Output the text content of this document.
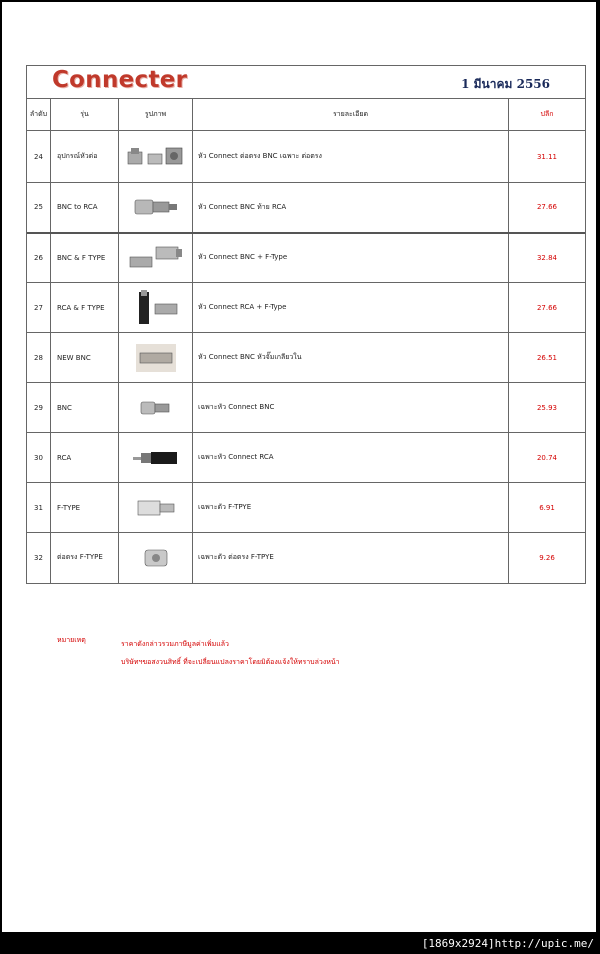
Connecter	1 มีนาคม 2556
ลำดับ	รุ่น	รูปภาพ	รายละเอียด	ปลีก
24	อุปกรณ์หัวต่อ		หัว Connect ต่อตรง BNC เฉพาะ ต่อตรง	31.11
25	BNC to RCA		หัว Connect BNC ท้าย RCA	27.66
26	BNC & F TYPE		หัว Connect BNC + F-Type	32.84
27	RCA & F TYPE		หัว Connect RCA + F-Type	27.66
28	NEW BNC		หัว Connect BNC หัวจั๊มเกลียวใน	26.51
29	BNC		เฉพาะหัว Connect BNC	25.93
30	RCA		เฉพาะหัว Connect RCA	20.74
31	F-TYPE		เฉพาะตัว F-TPYE	6.91
32	ต่อตรง F-TYPE		เฉพาะตัว ต่อตรง F-TPYE	9.26
หมายเหตุ	ราคาดังกล่าวรวมภาษีมูลค่าเพิ่มแล้ว
บริษัทฯขอสงวนสิทธิ์ ที่จะเปลี่ยนแปลงราคาโดยมิต้องแจ้งให้ทราบล่วงหน้า
[1869x2924]http://upic.me/
